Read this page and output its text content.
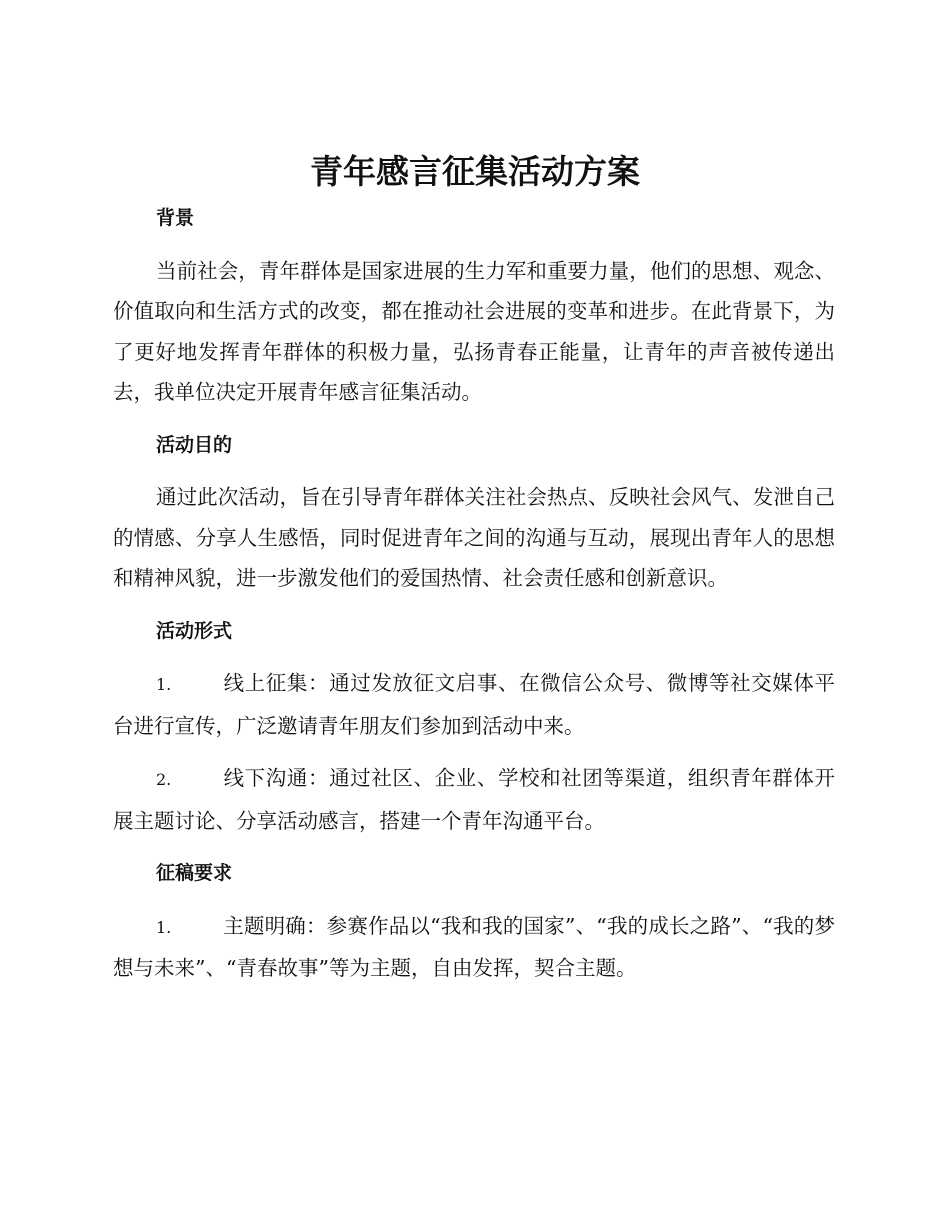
青年感言征集活动方案
背景

当前社会，青年群体是国家进展的生力军和重要力量，他们的思想、观念、价值取向和生活方式的改变，都在推动社会进展的变革和进步。在此背景下，为了更好地发挥青年群体的积极力量，弘扬青春正能量，让青年的声音被传递出去，我单位决定开展青年感言征集活动。

活动目的

通过此次活动，旨在引导青年群体关注社会热点、反映社会风气、发泄自己的情感、分享人生感悟，同时促进青年之间的沟通与互动，展现出青年人的思想和精神风貌，进一步激发他们的爱国热情、社会责任感和创新意识。

活动形式

1.	线上征集：通过发放征文启事、在微信公众号、微博等社交媒体平台进行宣传，广泛邀请青年朋友们参加到活动中来。

2.	线下沟通：通过社区、企业、学校和社团等渠道，组织青年群体开展主题讨论、分享活动感言，搭建一个青年沟通平台。

征稿要求

1.	主题明确：参赛作品以“我和我的国家”、“我的成长之路”、“我的梦想与未来”、“青春故事”等为主题，自由发挥，契合主题。
